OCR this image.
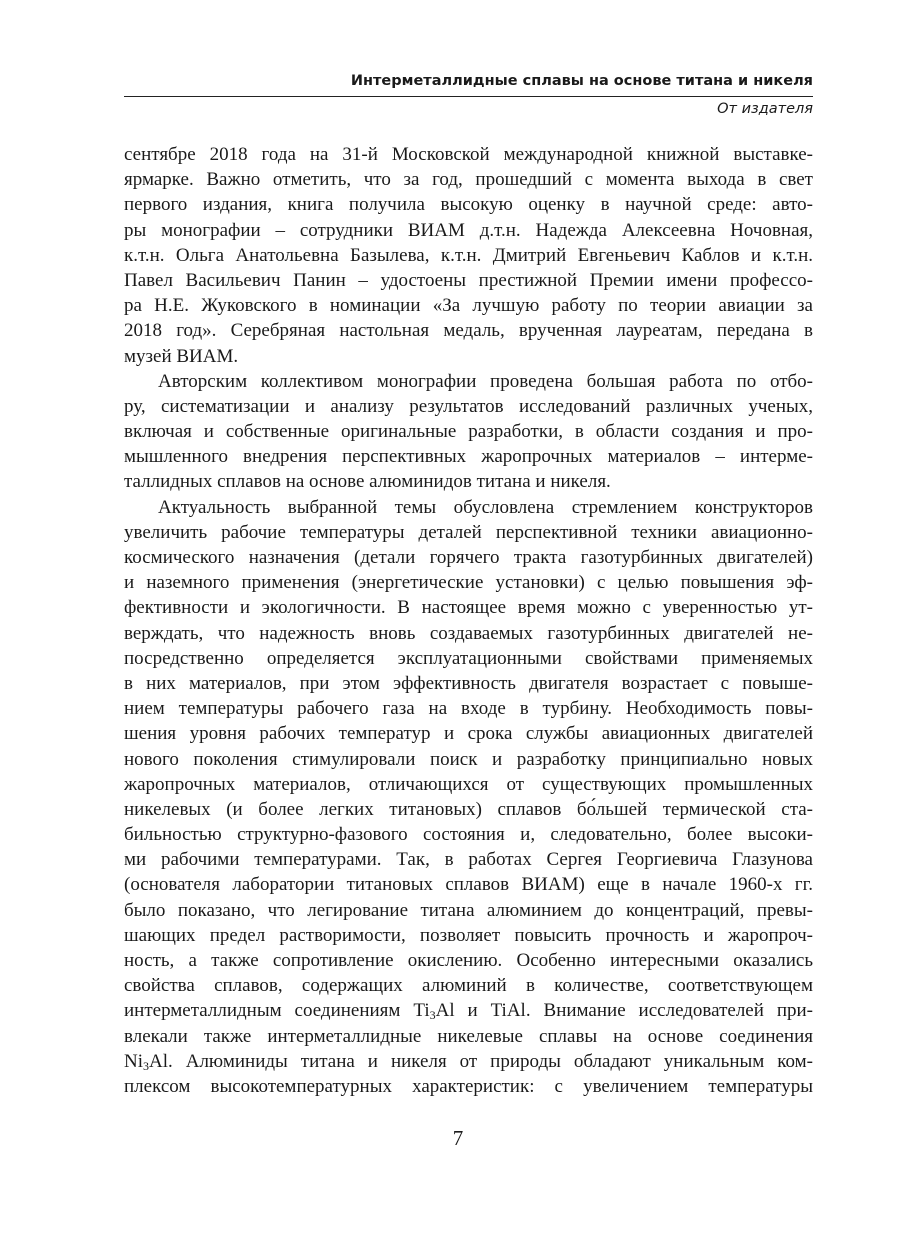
Интерметаллидные сплавы на основе титана и никеля
От издателя
сентябре 2018 года на 31-й Московской международной книжной выставке-
ярмарке. Важно отметить, что за год, прошедший с момента выхода в свет
первого издания, книга получила высокую оценку в научной среде: авто-
ры монографии – сотрудники ВИАМ д.т.н. Надежда Алексеевна Ночовная,
к.т.н. Ольга Анатольевна Базылева, к.т.н. Дмитрий Евгеньевич Каблов и к.т.н.
Павел Васильевич Панин – удостоены престижной Премии имени профессо-
ра Н.Е. Жуковского в номинации «За лучшую работу по теории авиации за
2018 год». Серебряная настольная медаль, врученная лауреатам, передана в
музей ВИАМ.
Авторским коллективом монографии проведена большая работа по отбо-
ру, систематизации и анализу результатов исследований различных ученых,
включая и собственные оригинальные разработки, в области создания и про-
мышленного внедрения перспективных жаропрочных материалов – интерме-
таллидных сплавов на основе алюминидов титана и никеля.
Актуальность выбранной темы обусловлена стремлением конструкторов
увеличить рабочие температуры деталей перспективной техники авиационно-
космического назначения (детали горячего тракта газотурбинных двигателей)
и наземного применения (энергетические установки) с целью повышения эф-
фективности и экологичности. В настоящее время можно с уверенностью ут-
верждать, что надежность вновь создаваемых газотурбинных двигателей не-
посредственно определяется эксплуатационными свойствами применяемых
в них материалов, при этом эффективность двигателя возрастает с повыше-
нием температуры рабочего газа на входе в турбину. Необходимость повы-
шения уровня рабочих температур и срока службы авиационных двигателей
нового поколения стимулировали поиск и разработку принципиально новых
жаропрочных материалов, отличающихся от существующих промышленных
никелевых (и более легких титановых) сплавов бо́льшей термической ста-
бильностью структурно-фазового состояния и, следовательно, более высоки-
ми рабочими температурами. Так, в работах Сергея Георгиевича Глазунова
(основателя лаборатории титановых сплавов ВИАМ) еще в начале 1960-х гг.
было показано, что легирование титана алюминием до концентраций, превы-
шающих предел растворимости, позволяет повысить прочность и жаропроч-
ность, а также сопротивление окислению. Особенно интересными оказались
свойства сплавов, содержащих алюминий в количестве, соответствующем
интерметаллидным соединениям $Ti_3Al$ и TiAl. Внимание исследователей при-
влекали также интерметаллидные никелевые сплавы на основе соединения
$Ni_3Al$. Алюминиды титана и никеля от природы обладают уникальным ком-
плексом высокотемпературных характеристик: с увеличением температуры
7
